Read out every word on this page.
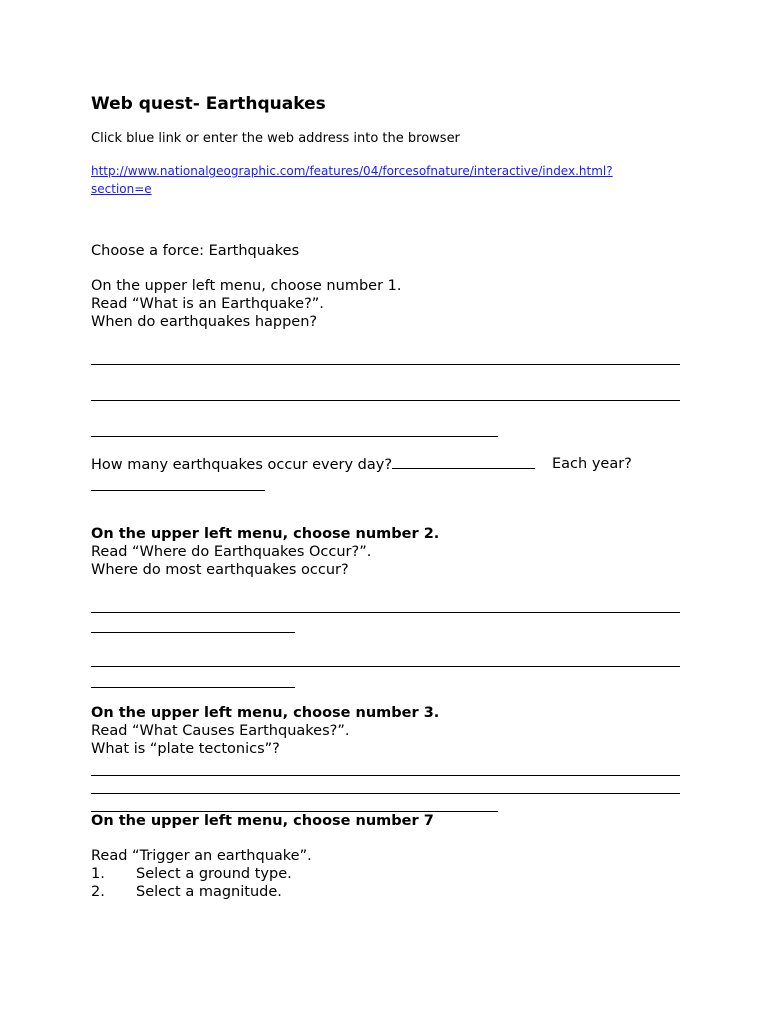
Web quest- Earthquakes
Click blue link or enter the web address into the browser
http://www.nationalgeographic.com/features/04/forcesofnature/interactive/index.html?
section=e
Choose a force: Earthquakes
On the upper left menu, choose number 1.
Read “What is an Earthquake?”.
When do earthquakes happen?
How many earthquakes occur every day?	Each year?
On the upper left menu, choose number 2.
Read “Where do Earthquakes Occur?”.
Where do most earthquakes occur?
On the upper left menu, choose number 3.
Read “What Causes Earthquakes?”.
What is “plate tectonics”?
On the upper left menu, choose number 7
Read “Trigger an earthquake”.
1. Select a ground type.
2. Select a magnitude.
